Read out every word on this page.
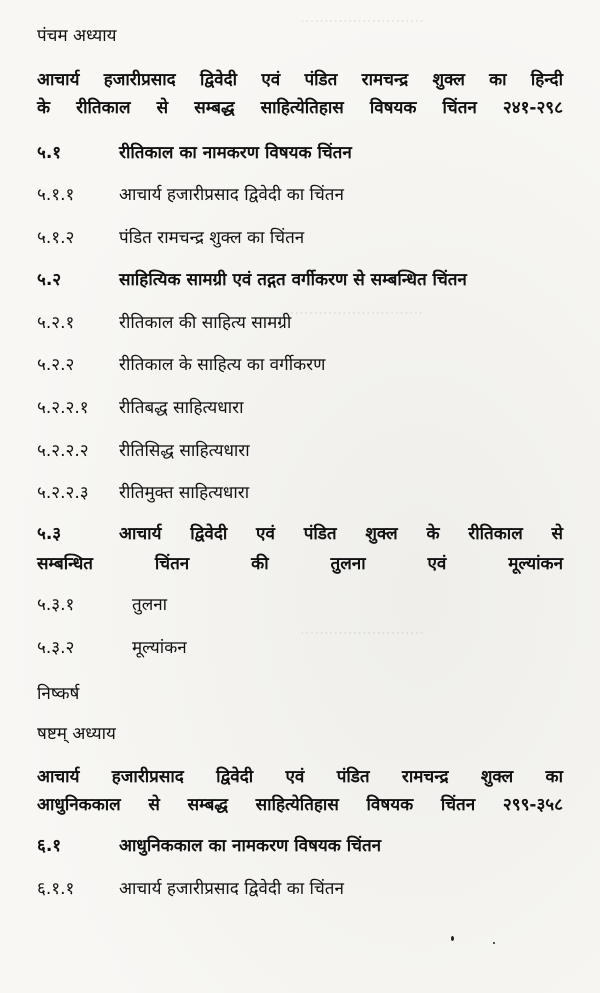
..........................
..............................
..........................
पंचम अध्याय
आचार्य हजारीप्रसाद द्विवेदी एवं पंडित रामचन्द्र शुक्ल का हिन्दी
के रीतिकाल से सम्बद्ध साहित्येतिहास विषयक चिंतन २४१-२९८
५.१	रीतिकाल का नामकरण विषयक चिंतन
५.१.१	आचार्य हजारीप्रसाद द्विवेदी का चिंतन
५.१.२	पंडित रामचन्द्र शुक्ल का चिंतन
५.२	साहित्यिक सामग्री एवं तद्गत वर्गीकरण से सम्बन्धित चिंतन
५.२.१	रीतिकाल की साहित्य सामग्री
५.२.२	रीतिकाल के साहित्य का वर्गीकरण
५.२.२.१ रीतिबद्ध साहित्यधारा
५.२.२.२ रीतिसिद्ध साहित्यधारा
५.२.२.३ रीतिमुक्त साहित्यधारा
५.३	आचार्य द्विवेदी एवं पंडित शुक्ल के रीतिकाल से
सम्बन्धित चिंतन की तुलना एवं मूल्यांकन
५.३.१	तुलना
५.३.२	मूल्यांकन
निष्कर्ष
षष्टम् अध्याय
आचार्य हजारीप्रसाद द्विवेदी एवं पंडित रामचन्द्र शुक्ल का
आधुनिककाल से सम्बद्ध साहित्येतिहास विषयक चिंतन २९९-३५८
६.१	आधुनिककाल का नामकरण विषयक चिंतन
६.१.१	आचार्य हजारीप्रसाद द्विवेदी का चिंतन
